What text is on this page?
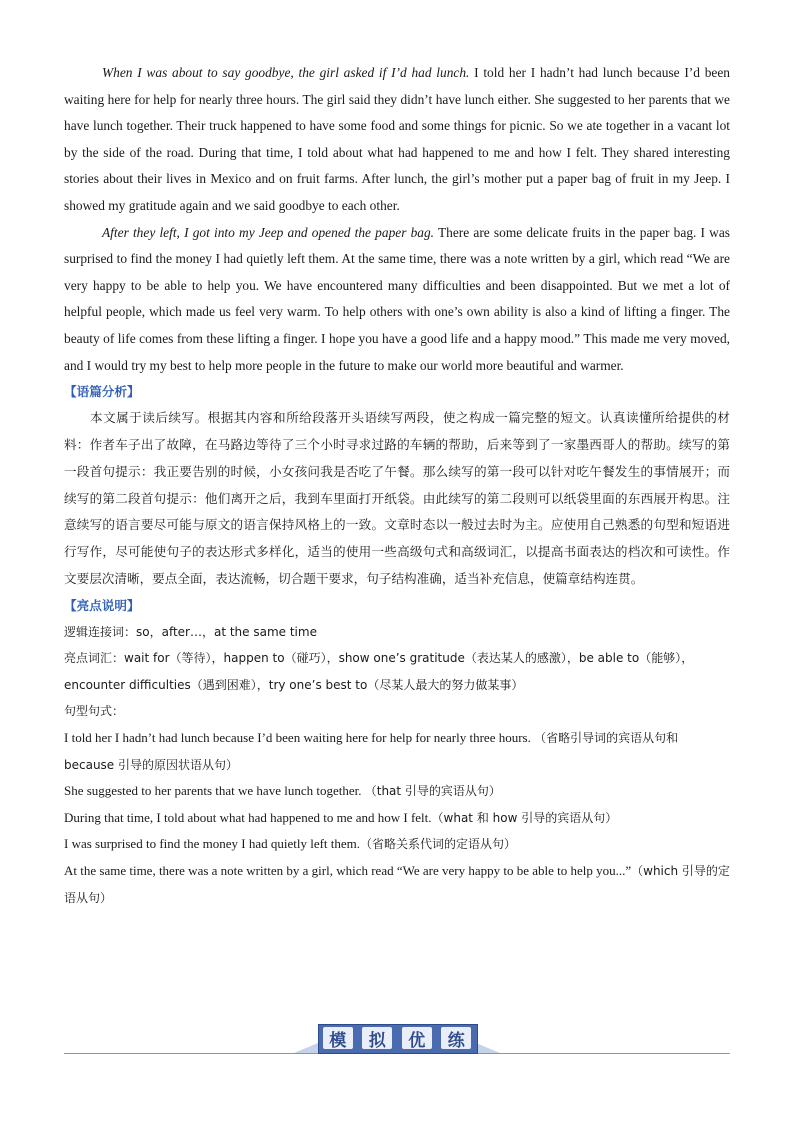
When I was about to say goodbye, the girl asked if I’d had lunch. I told her I hadn’t had lunch because I’d been waiting here for help for nearly three hours. The girl said they didn’t have lunch either. She suggested to her parents that we have lunch together. Their truck happened to have some food and some things for picnic. So we ate together in a vacant lot by the side of the road. During that time, I told about what had happened to me and how I felt. They shared interesting stories about their lives in Mexico and on fruit farms. After lunch, the girl’s mother put a paper bag of fruit in my Jeep. I showed my gratitude again and we said goodbye to each other.

After they left, I got into my Jeep and opened the paper bag. There are some delicate fruits in the paper bag. I was surprised to find the money I had quietly left them. At the same time, there was a note written by a girl, which read “We are very happy to be able to help you. We have encountered many difficulties and been disappointed. But we met a lot of helpful people, which made us feel very warm. To help others with one’s own ability is also a kind of lifting a finger. The beauty of life comes from these lifting a finger. I hope you have a good life and a happy mood.” This made me very moved, and I would try my best to help more people in the future to make our world more beautiful and warmer.

【语篇分析】

本文属于读后续写。根据其内容和所给段落开头语续写两段，使之构成一篇完整的短文。认真读懂所给提供的材料：作者车子出了故障，在马路边等待了三个小时寻求过路的车辆的帮助，后来等到了一家墨西哥人的帮助。续写的第一段首句提示：我正要告别的时候，小女孩问我是否吃了午餐。那么续写的第一段可以针对吃午餐发生的事情展开；而续写的第二段首句提示：他们离开之后，我到车里面打开纸袋。由此续写的第二段则可以纸袋里面的东西展开构思。注意续写的语言要尽可能与原文的语言保持风格上的一致。文章时态以一般过去时为主。应使用自己熟悉的句型和短语进行写作，尽可能使句子的表达形式多样化，适当的使用一些高级句式和高级词汇，以提高书面表达的档次和可读性。作文要层次清晰，要点全面，表达流畅，切合题干要求，句子结构准确，适当补充信息，使篇章结构连贯。

【亮点说明】

逻辑连接词：so，after…，at the same time

亮点词汇：wait for（等待），happen to（碰巧），show one’s gratitude（表达某人的感激），be able to（能够），encounter difficulties（遇到困难），try one’s best to（尽某人最大的努力做某事）

句型句式：

I told her I hadn’t had lunch because I’d been waiting here for help for nearly three hours. （省略引导词的宾语从句和 because 引导的原因状语从句）

She suggested to her parents that we have lunch together. （that 引导的宾语从句）

During that time, I told about what had happened to me and how I felt.（what 和 how 引导的宾语从句）

I was surprised to find the money I had quietly left them.（省略关系代词的定语从句）

At the same time, there was a note written by a girl, which read “We are very happy to be able to help you...”（which 引导的定语从句）

模	拟	优	练
